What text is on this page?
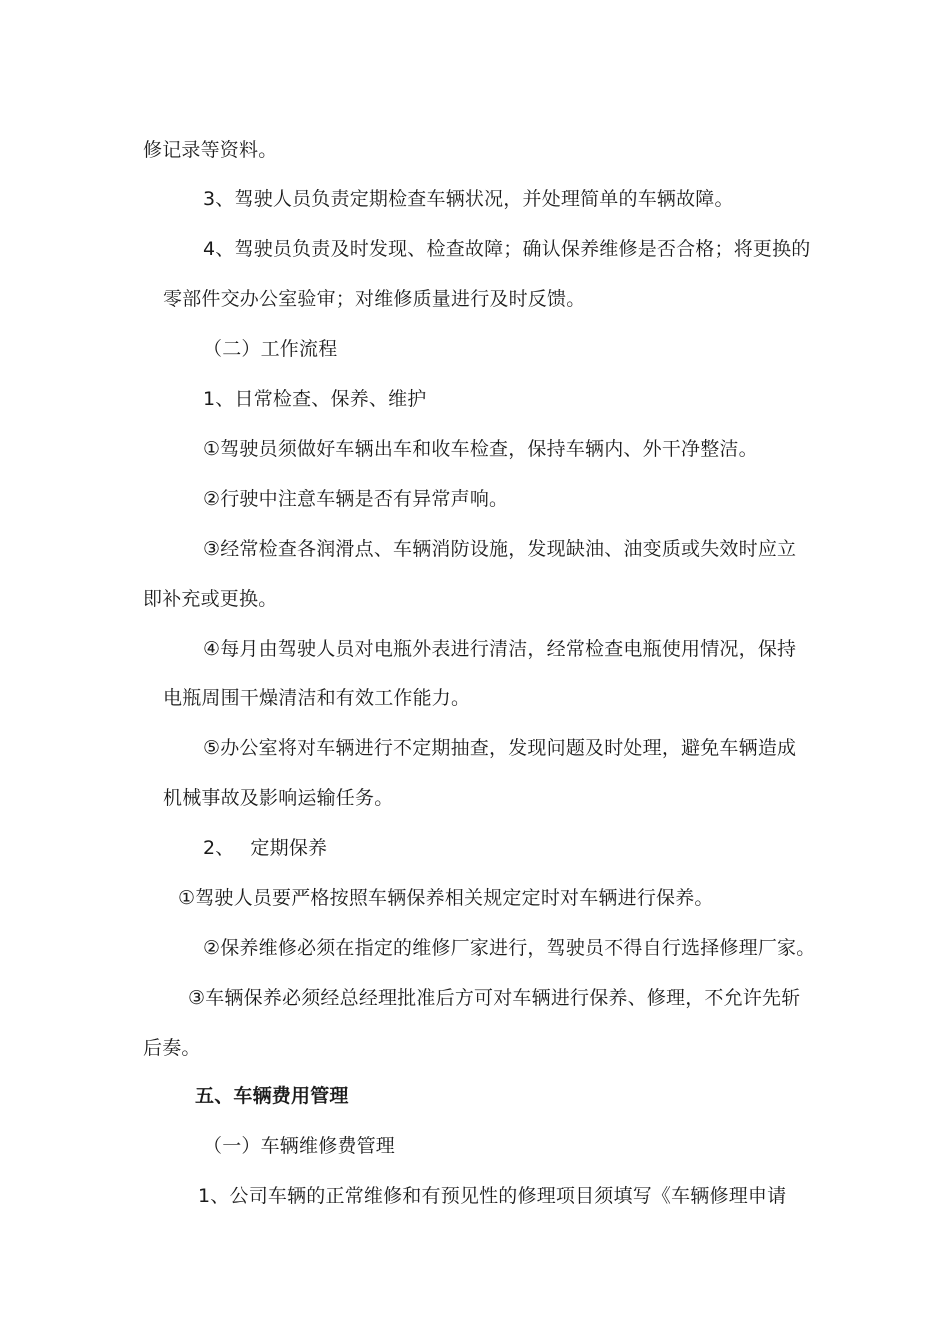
修记录等资料。
3、驾驶人员负责定期检查车辆状况，并处理简单的车辆故障。
4、驾驶员负责及时发现、检查故障；确认保养维修是否合格；将更换的
零部件交办公室验审；对维修质量进行及时反馈。
（二）工作流程
1、日常检查、保养、维护
①驾驶员须做好车辆出车和收车检查，保持车辆内、外干净整洁。
②行驶中注意车辆是否有异常声响。
③经常检查各润滑点、车辆消防设施，发现缺油、油变质或失效时应立
即补充或更换。
④每月由驾驶人员对电瓶外表进行清洁，经常检查电瓶使用情况，保持
电瓶周围干燥清洁和有效工作能力。
⑤办公室将对车辆进行不定期抽查，发现问题及时处理，避免车辆造成
机械事故及影响运输任务。
2、　 定期保养
①驾驶人员要严格按照车辆保养相关规定定时对车辆进行保养。
②保养维修必须在指定的维修厂家进行，驾驶员不得自行选择修理厂家。
③车辆保养必须经总经理批准后方可对车辆进行保养、修理，不允许先斩
后奏。
五、车辆费用管理
（一）车辆维修费管理
1、公司车辆的正常维修和有预见性的修理项目须填写《车辆修理申请
